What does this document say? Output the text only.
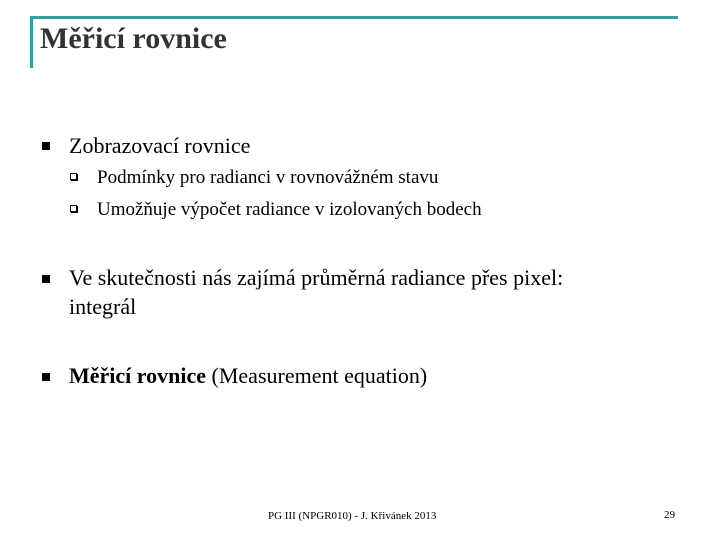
Měřicí rovnice
Zobrazovací rovnice
Podmínky pro radianci v rovnovážném stavu
Umožňuje výpočet radiance v izolovaných bodech
Ve skutečnosti nás zajímá průměrná radiance přes pixel:
integrál
Měřicí rovnice (Measurement equation)
PG III (NPGR010) - J. Křivánek 2013	29
